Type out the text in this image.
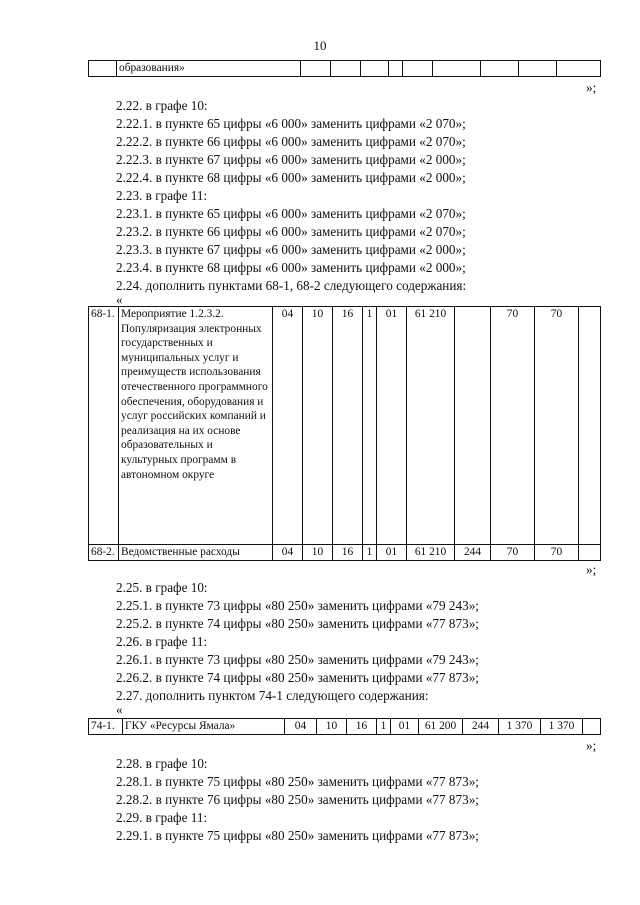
10
	образования»									
»;
2.22. в графе 10:
2.22.1. в пункте 65 цифры «6 000» заменить цифрами «2 070»;
2.22.2. в пункте 66 цифры «6 000» заменить цифрами «2 070»;
2.22.3. в пункте 67 цифры «6 000» заменить цифрами «2 000»;
2.22.4. в пункте 68 цифры «6 000» заменить цифрами «2 000»;
2.23. в графе 11:
2.23.1. в пункте 65 цифры «6 000» заменить цифрами «2 070»;
2.23.2. в пункте 66 цифры «6 000» заменить цифрами «2 070»;
2.23.3. в пункте 67 цифры «6 000» заменить цифрами «2 000»;
2.23.4. в пункте 68 цифры «6 000» заменить цифрами «2 000»;
2.24. дополнить пунктами 68-1, 68-2 следующего содержания:
«
68-1.	Мероприятие 1.2.3.2. Популяризация электронных государственных и муниципальных услуг и преимуществ использования отечественного программного обеспечения, оборудования и услуг российских компаний и реализация на их основе образовательных и культурных программ в автономном округе	04	10	16	1	01	61 210		70	70	
68-2.	Ведомственные расходы	04	10	16	1	01	61 210	244	70	70	
»;
2.25. в графе 10:
2.25.1. в пункте 73 цифры «80 250» заменить цифрами «79 243»;
2.25.2. в пункте 74 цифры «80 250» заменить цифрами «77 873»;
2.26. в графе 11:
2.26.1. в пункте 73 цифры «80 250» заменить цифрами «79 243»;
2.26.2. в пункте 74 цифры «80 250» заменить цифрами «77 873»;
2.27. дополнить пунктом 74-1 следующего содержания:
«
74-1.	ГКУ «Ресурсы Ямала»	04	10	16	1	01	61 200	244	1 370	1 370	
»;
2.28. в графе 10:
2.28.1. в пункте 75 цифры «80 250» заменить цифрами «77 873»;
2.28.2. в пункте 76 цифры «80 250» заменить цифрами «77 873»;
2.29. в графе 11:
2.29.1. в пункте 75 цифры «80 250» заменить цифрами «77 873»;
